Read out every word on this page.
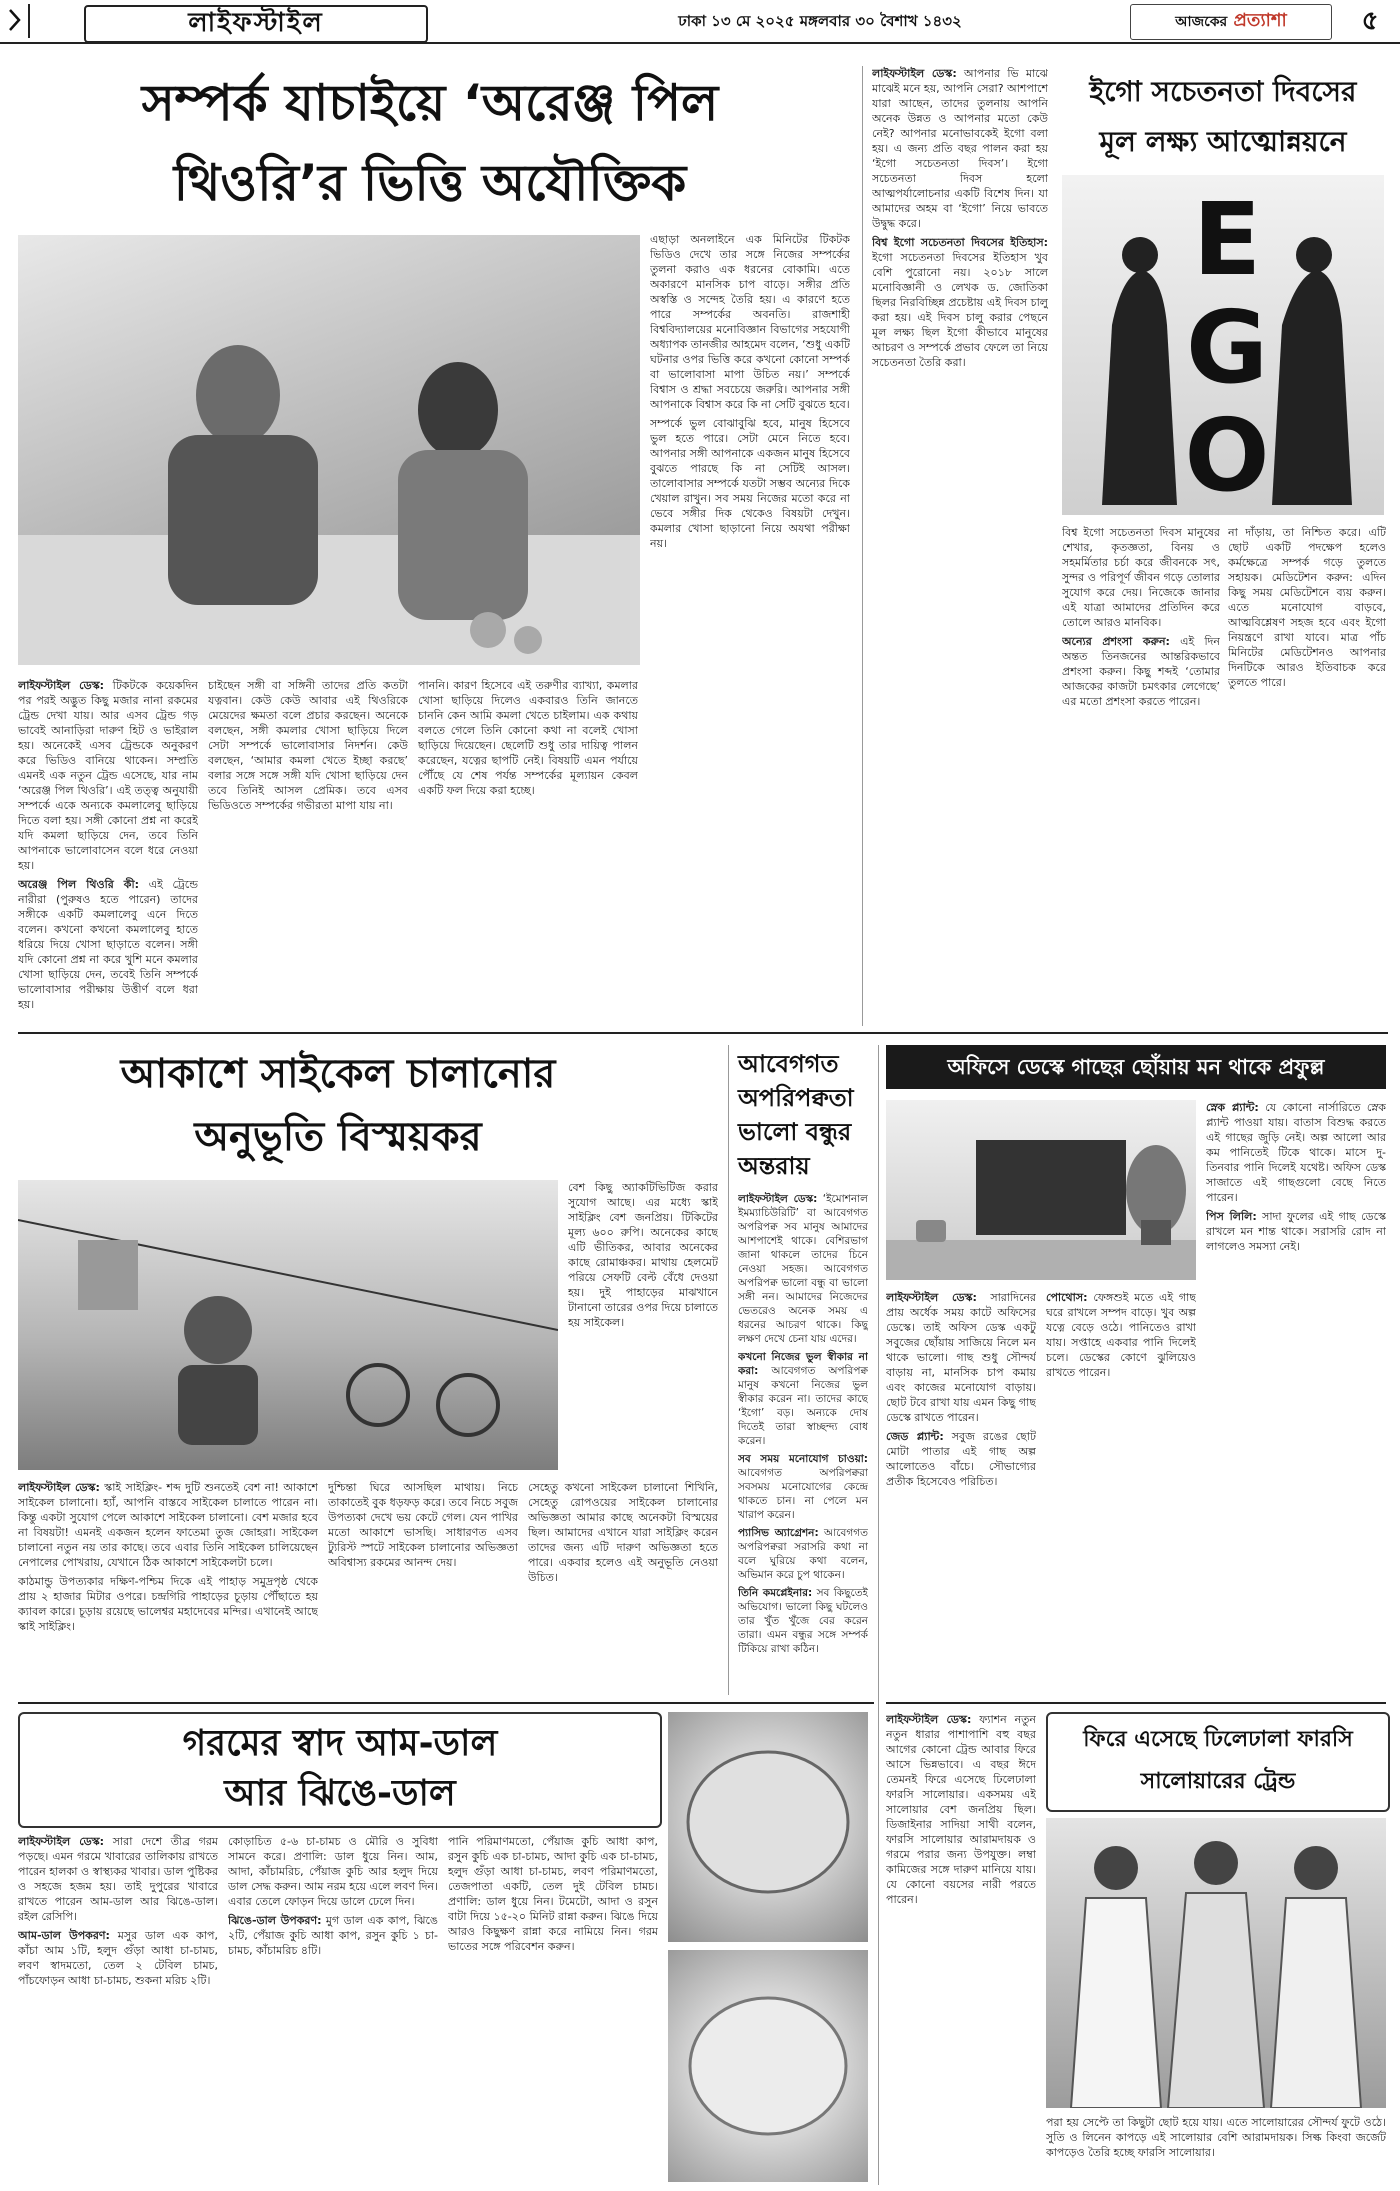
লাইফস্টাইল	ঢাকা ১৩ মে ২০২৫ মঙ্গলবার ৩০ বৈশাখ ১৪৩২	আজকের প্রত্যাশা	৫
সম্পর্ক যাচাইয়ে ‘অরেঞ্জ পিল
থিওরি’র ভিত্তি অযৌক্তিক

লাইফস্টাইল ডেস্ক: টিকটকে কয়েকদিন পর পরই অদ্ভুত কিছু মজার নানা রকমের ট্রেন্ড দেখা যায়। আর এসব ট্রেন্ড গড় ভাবেই আনাড়িরা দারুণ হিট ও ভাইরাল হয়। অনেকেই এসব ট্রেন্ডকে অনুকরণ করে ভিডিও বানিয়ে থাকেন। সম্প্রতি এমনই এক নতুন ট্রেন্ড এসেছে, যার নাম ‘অরেঞ্জ পিল থিওরি’। এই তত্ত্ব অনুযায়ী সম্পর্কে একে অন্যকে কমলালেবু ছাড়িয়ে দিতে বলা হয়। সঙ্গী কোনো প্রশ্ন না করেই যদি কমলা ছাড়িয়ে দেন, তবে তিনি আপনাকে ভালোবাসেন বলে ধরে নেওয়া হয়।

অরেঞ্জ পিল থিওরি কী: এই ট্রেন্ডে নারীরা (পুরুষও হতে পারেন) তাদের সঙ্গীকে একটি কমলালেবু এনে দিতে বলেন। কখনো কখনো কমলালেবু হাতে ধরিয়ে দিয়ে খোসা ছাড়াতে বলেন। সঙ্গী যদি কোনো প্রশ্ন না করে খুশি মনে কমলার খোসা ছাড়িয়ে দেন, তবেই তিনি সম্পর্কে ভালোবাসার পরীক্ষায় উত্তীর্ণ বলে ধরা হয়।

চাইছেন সঙ্গী বা সঙ্গিনী তাদের প্রতি কতটা যত্নবান। কেউ কেউ আবার এই থিওরিকে মেয়েদের ক্ষমতা বলে প্রচার করছেন। অনেকে বলছেন, সঙ্গী কমলার খোসা ছাড়িয়ে দিলে সেটা সম্পর্কে ভালোবাসার নিদর্শন। কেউ বলছেন, ‘আমার কমলা খেতে ইচ্ছা করছে’ বলার সঙ্গে সঙ্গে সঙ্গী যদি খোসা ছাড়িয়ে দেন তবে তিনিই আসল প্রেমিক। তবে এসব ভিডিওতে সম্পর্কের গভীরতা মাপা যায় না।

পাননি। কারণ হিসেবে এই তরুণীর ব্যাখ্যা, কমলার খোসা ছাড়িয়ে দিলেও একবারও তিনি জানতে চাননি কেন আমি কমলা খেতে চাইলাম। এক কথায় বলতে গেলে তিনি কোনো কথা না বলেই খোসা ছাড়িয়ে দিয়েছেন। ছেলেটি শুধু তার দায়িত্ব পালন করেছেন, যত্নের ছাপটি নেই। বিষয়টি এমন পর্যায়ে পৌঁছে যে শেষ পর্যন্ত সম্পর্কের মূল্যায়ন কেবল একটি ফল দিয়ে করা হচ্ছে।

এছাড়া অনলাইনে এক মিনিটের টিকটক ভিডিও দেখে তার সঙ্গে নিজের সম্পর্কের তুলনা করাও এক ধরনের বোকামি। এতে অকারণে মানসিক চাপ বাড়ে। সঙ্গীর প্রতি অস্বস্তি ও সন্দেহ তৈরি হয়। এ কারণে হতে পারে সম্পর্কের অবনতি। রাজশাহী বিশ্ববিদ্যালয়ের মনোবিজ্ঞান বিভাগের সহযোগী অধ্যাপক তানজীর আহমেদ বলেন, ‘শুধু একটি ঘটনার ওপর ভিত্তি করে কখনো কোনো সম্পর্ক বা ভালোবাসা মাপা উচিত নয়।’ সম্পর্কে বিশ্বাস ও শ্রদ্ধা সবচেয়ে জরুরি। আপনার সঙ্গী আপনাকে বিশ্বাস করে কি না সেটি বুঝতে হবে।

সম্পর্কে ভুল বোঝাবুঝি হবে, মানুষ হিসেবে ভুল হতে পারে। সেটা মেনে নিতে হবে। আপনার সঙ্গী আপনাকে একজন মানুষ হিসেবে বুঝতে পারছে কি না সেটিই আসল। তালোবাসার সম্পর্কে যতটা সম্ভব অন্যের দিকে খেয়াল রাখুন। সব সময় নিজের মতো করে না ভেবে সঙ্গীর দিক থেকেও বিষয়টা দেখুন। কমলার খোসা ছাড়ানো নিয়ে অযথা পরীক্ষা নয়।

লাইফস্টাইল ডেস্ক: আপনার ভি মাঝে মাঝেই মনে হয়, আপনি সেরা? আশপাশে যারা আছেন, তাদের তুলনায় আপনি অনেক উন্নত ও আপনার মতো কেউ নেই? আপনার মনোভাবকেই ইগো বলা হয়। এ জন্য প্রতি বছর পালন করা হয় ‘ইগো সচেতনতা দিবস’। ইগো সচেতনতা দিবস হলো আত্মপর্যালোচনার একটি বিশেষ দিন। যা আমাদের অহম বা ‘ইগো’ নিয়ে ভাবতে উদ্বুদ্ধ করে।

বিশ্ব ইগো সচেতনতা দিবসের ইতিহাস: ইগো সচেতনতা দিবসের ইতিহাস খুব বেশি পুরোনো নয়। ২০১৮ সালে মনোবিজ্ঞানী ও লেখক ড. জোতিকা ছিলর নিরবিচ্ছিন্ন প্রচেষ্টায় এই দিবস চালু করা হয়। এই দিবস চালু করার পেছনে মূল লক্ষ্য ছিল ইগো কীভাবে মানুষের আচরণ ও সম্পর্কে প্রভাব ফেলে তা নিয়ে সচেতনতা তৈরি করা।

ইগো সচেতনতা দিবসের
মূল লক্ষ্য আত্মোন্নয়নে
E
G
O

বিশ্ব ইগো সচেতনতা দিবস মানুষের শেখার, কৃতজ্ঞতা, বিনয় ও সহমর্মিতার চর্চা করে জীবনকে সৎ, সুন্দর ও পরিপূর্ণ জীবন গড়ে তোলার সুযোগ করে দেয়। নিজেকে জানার এই যাত্রা আমাদের প্রতিদিন করে তোলে আরও মানবিক।

অন্যের প্রশংসা করুন: এই দিন অন্তত তিনজনের আন্তরিকভাবে প্রশংসা করুন। কিছু শব্দই ‘তোমার আজকের কাজটা চমৎকার লেগেছে’ এর মতো প্রশংসা করতে পারেন।

না দাঁড়ায়, তা নিশ্চিত করে। এটি ছোট একটি পদক্ষেপ হলেও কর্মক্ষেত্রে সম্পর্ক গড়ে তুলতে সহায়ক। মেডিটেশন করুন: এদিন কিছু সময় মেডিটেশনে ব্যয় করুন। এতে মনোযোগ বাড়বে, আত্মবিশ্লেষণ সহজ হবে এবং ইগো নিয়ন্ত্রণে রাখা যাবে। মাত্র পাঁচ মিনিটের মেডিটেশনও আপনার দিনটিকে আরও ইতিবাচক করে তুলতে পারে।

আকাশে সাইকেল চালানোর
অনুভূতি বিস্ময়কর

বেশ কিছু অ্যাকটিভিটিজ করার সুযোগ আছে। এর মধ্যে স্কাই সাইক্লিং বেশ জনপ্রিয়। টিকিটের মূল্য ৬০০ রুপি। অনেকের কাছে এটি ভীতিকর, আবার অনেকের কাছে রোমাঞ্চকর। মাথায় হেলমেট পরিয়ে সেফটি বেল্ট বেঁধে দেওয়া হয়। দুই পাহাড়ের মাঝখানে টানানো তারের ওপর দিয়ে চালাতে হয় সাইকেল।

লাইফস্টাইল ডেস্ক: স্কাই সাইক্লিং- শব্দ দুটি শুনতেই বেশ না! আকাশে সাইকেল চালানো। হ্যাঁ, আপনি বাস্তবে সাইকেল চালাতে পারেন না। কিন্তু একটা সুযোগ পেলে আকাশে সাইকেল চালানো। বেশ মজার হবে না বিষয়টা! এমনই একজন হলেন ফাতেমা তুজ জোহরা। সাইকেল চালানো নতুন নয় তার কাছে। তবে এবার তিনি সাইকেল চালিয়েছেন নেপালের পোখরায়, যেখানে ঠিক আকাশে সাইকেলটা চলে।

কাঠমান্ডু উপত্যকার দক্ষিণ-পশ্চিম দিকে এই পাহাড় সমুদ্রপৃষ্ঠ থেকে প্রায় ২ হাজার মিটার ওপরে। চন্দ্রগিরি পাহাড়ের চূড়ায় পৌঁছাতে হয় ক্যাবল কারে। চূড়ায় রয়েছে ভালেশ্বর মহাদেবের মন্দির। এখানেই আছে স্কাই সাইক্লিং।

দুশ্চিন্তা ঘিরে আসছিল মাথায়। নিচে তাকাতেই বুক ধড়ফড় করে। তবে নিচে সবুজ উপত্যকা দেখে ভয় কেটে গেল। যেন পাখির মতো আকাশে ভাসছি। সাধারণত এসব ট্যুরিস্ট স্পটে সাইকেল চালানোর অভিজ্ঞতা অবিশ্বাস্য রকমের আনন্দ দেয়।

সেহেতু কখনো সাইকেল চালানো শিখিনি, সেহেতু রোপওয়ের সাইকেল চালানোর অভিজ্ঞতা আমার কাছে অনেকটা বিস্ময়ের ছিল। আমাদের এখানে যারা সাইক্লিং করেন তাদের জন্য এটি দারুণ অভিজ্ঞতা হতে পারে। একবার হলেও এই অনুভূতি নেওয়া উচিত।

আবেগগত
অপরিপক্বতা
ভালো বন্ধুর
অন্তরায়

লাইফস্টাইল ডেস্ক: ‘ইমোশনাল ইমম্যাচিউরিটি’ বা আবেগগত অপরিপক্ব সব মানুষ আমাদের আশপাশেই থাকে। বেশিরভাগ জানা থাকলে তাদের চিনে নেওয়া সহজ। আবেগগত অপরিপক্ব ভালো বন্ধু বা ভালো সঙ্গী নন। আমাদের নিজেদের ভেতরেও অনেক সময় এ ধরনের আচরণ থাকে। কিছু লক্ষণ দেখে চেনা যায় এদের।

কখনো নিজের ভুল স্বীকার না করা: আবেগগত অপরিপক্ব মানুষ কখনো নিজের ভুল স্বীকার করেন না। তাদের কাছে ‘ইগো’ বড়। অন্যকে দোষ দিতেই তারা স্বাচ্ছন্দ্য বোধ করেন।

সব সময় মনোযোগ চাওয়া: আবেগগত অপরিপক্বরা সবসময় মনোযোগের কেন্দ্রে থাকতে চান। না পেলে মন খারাপ করেন।

প্যাসিভ অ্যাগ্রেশন: আবেগগত অপরিপক্বরা সরাসরি কথা না বলে ঘুরিয়ে কথা বলেন, অভিমান করে চুপ থাকেন।

তিনি কমপ্লেইনার: সব কিছুতেই অভিযোগ। ভালো কিছু ঘটলেও তার খুঁত খুঁজে বের করেন তারা। এমন বন্ধুর সঙ্গে সম্পর্ক টিকিয়ে রাখা কঠিন।

অফিসে ডেস্কে গাছের ছোঁয়ায় মন থাকে প্রফুল্ল

স্নেক প্ল্যান্ট: যে কোনো নার্সারিতে স্নেক প্ল্যান্ট পাওয়া যায়। বাতাস বিশুদ্ধ করতে এই গাছের জুড়ি নেই। অল্প আলো আর কম পানিতেই টিকে থাকে। মাসে দু-তিনবার পানি দিলেই যথেষ্ট। অফিস ডেস্ক সাজাতে এই গাছগুলো বেছে নিতে পারেন।

পিস লিলি: সাদা ফুলের এই গাছ ডেস্কে রাখলে মন শান্ত থাকে। সরাসরি রোদ না লাগলেও সমস্যা নেই।

লাইফস্টাইল ডেস্ক: সারাদিনের প্রায় অর্ধেক সময় কাটে অফিসের ডেস্কে। তাই অফিস ডেস্ক একটু সবুজের ছোঁয়ায় সাজিয়ে নিলে মন থাকে ভালো। গাছ শুধু সৌন্দর্য বাড়ায় না, মানসিক চাপ কমায় এবং কাজের মনোযোগ বাড়ায়। ছোট টবে রাখা যায় এমন কিছু গাছ ডেস্কে রাখতে পারেন।

জেড প্ল্যান্ট: সবুজ রঙের ছোট মোটা পাতার এই গাছ অল্প আলোতেও বাঁচে। সৌভাগ্যের প্রতীক হিসেবেও পরিচিত।

পোথোস: ফেঙ্গশুই মতে এই গাছ ঘরে রাখলে সম্পদ বাড়ে। খুব অল্প যত্নে বেড়ে ওঠে। পানিতেও রাখা যায়। সপ্তাহে একবার পানি দিলেই চলে। ডেস্কের কোণে ঝুলিয়েও রাখতে পারেন।

গরমের স্বাদ আম-ডাল
আর ঝিঙে-ডাল

লাইফস্টাইল ডেস্ক: সারা দেশে তীব্র গরম পড়ছে। এমন গরমে খাবারের তালিকায় রাখতে পারেন হালকা ও স্বাস্থ্যকর খাবার। ডাল পুষ্টিকর ও সহজে হজম হয়। তাই দুপুরের খাবারে রাখতে পারেন আম-ডাল আর ঝিঙে-ডাল। রইল রেসিপি।

আম-ডাল উপকরণ: মসুর ডাল এক কাপ, কাঁচা আম ১টি, হলুদ গুঁড়া আধা চা-চামচ, লবণ স্বাদমতো, তেল ২ টেবিল চামচ, পাঁচফোড়ন আধা চা-চামচ, শুকনা মরিচ ২টি।

কোড়াচিত ৫-৬ চা-চামচ ও মৌরি ও সুবিধা সামনে করে। প্রণালি: ডাল ধুয়ে নিন। আম, আদা, কাঁচামরিচ, পেঁয়াজ কুচি আর হলুদ দিয়ে ডাল সেদ্ধ করুন। আম নরম হয়ে এলে লবণ দিন। এবার তেলে ফোড়ন দিয়ে ডালে ঢেলে দিন।

ঝিঙে-ডাল উপকরণ: মুগ ডাল এক কাপ, ঝিঙে ২টি, পেঁয়াজ কুচি আধা কাপ, রসুন কুচি ১ চা-চামচ, কাঁচামরিচ ৪টি।

পানি পরিমাণমতো, পেঁয়াজ কুচি আধা কাপ, রসুন কুচি এক চা-চামচ, আদা কুচি এক চা-চামচ, হলুদ গুঁড়া আধা চা-চামচ, লবণ পরিমাণমতো, তেজপাতা একটি, তেল দুই টেবিল চামচ। প্রণালি: ডাল ধুয়ে নিন। টমেটো, আদা ও রসুন বাটা দিয়ে ১৫-২০ মিনিট রান্না করুন। ঝিঙে দিয়ে আরও কিছুক্ষণ রান্না করে নামিয়ে নিন। গরম ভাতের সঙ্গে পরিবেশন করুন।

লাইফস্টাইল ডেস্ক: ফ্যাশন নতুন নতুন ধারার পাশাপাশি বহু বছর আগের কোনো ট্রেন্ড আবার ফিরে আসে ভিন্নভাবে। এ বছর ঈদে তেমনই ফিরে এসেছে ঢিলেঢালা ফারসি সালোয়ার। একসময় এই সালোয়ার বেশ জনপ্রিয় ছিল। ডিজাইনার সাদিয়া সাথী বলেন, ফারসি সালোয়ার আরামদায়ক ও গরমে পরার জন্য উপযুক্ত। লম্বা কামিজের সঙ্গে দারুণ মানিয়ে যায়। যে কোনো বয়সের নারী পরতে পারেন।

ফিরে এসেছে ঢিলেঢালা ফারসি
সালোয়ারের ট্রেন্ড

পরা হয় সেপ্টে তা কিছুটা ছোট হয়ে যায়। এতে সালোয়ারের সৌন্দর্য ফুটে ওঠে। সুতি ও লিনেন কাপড়ে এই সালোয়ার বেশি আরামদায়ক। সিল্ক কিংবা জর্জেট কাপড়েও তৈরি হচ্ছে ফারসি সালোয়ার।
